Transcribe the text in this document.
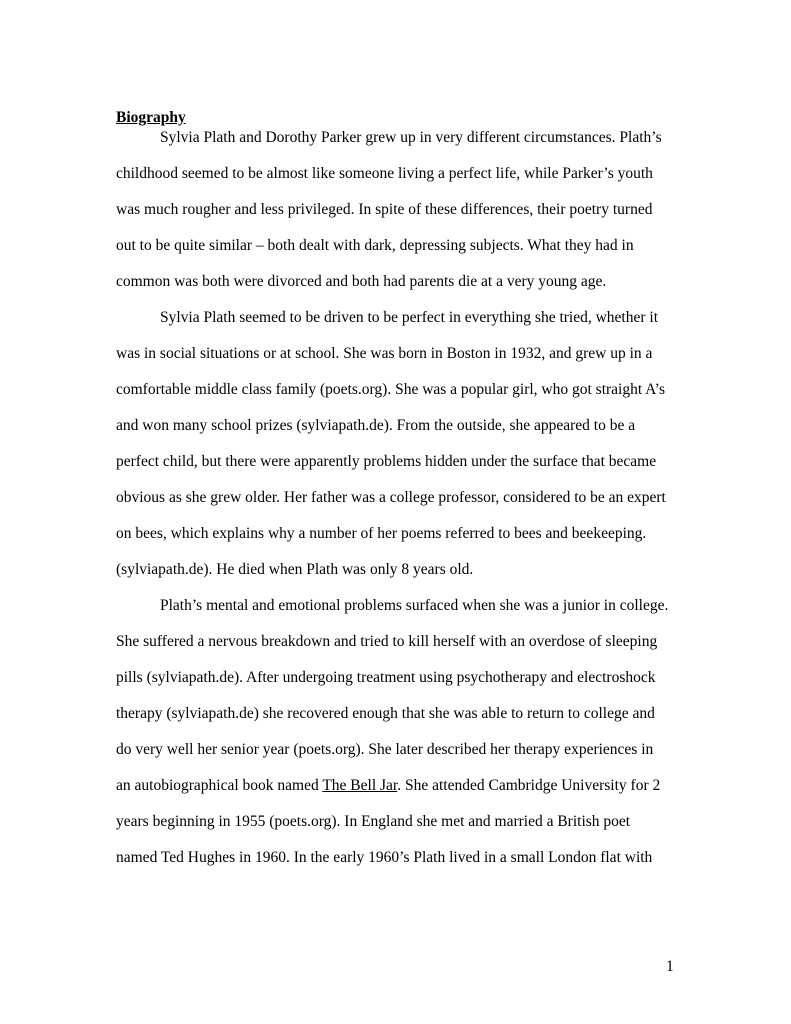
Biography
Sylvia Plath and Dorothy Parker grew up in very different circumstances. Plath’s
childhood seemed to be almost like someone living a perfect life, while Parker’s youth
was much rougher and less privileged. In spite of these differences, their poetry turned
out to be quite similar – both dealt with dark, depressing subjects. What they had in
common was both were divorced and both had parents die at a very young age.
Sylvia Plath seemed to be driven to be perfect in everything she tried, whether it
was in social situations or at school. She was born in Boston in 1932, and grew up in a
comfortable middle class family (poets.org). She was a popular girl, who got straight A’s
and won many school prizes (sylviapath.de). From the outside, she appeared to be a
perfect child, but there were apparently problems hidden under the surface that became
obvious as she grew older. Her father was a college professor, considered to be an expert
on bees, which explains why a number of her poems referred to bees and beekeeping.
(sylviapath.de). He died when Plath was only 8 years old.
Plath’s mental and emotional problems surfaced when she was a junior in college.
She suffered a nervous breakdown and tried to kill herself with an overdose of sleeping
pills (sylviapath.de). After undergoing treatment using psychotherapy and electroshock
therapy (sylviapath.de) she recovered enough that she was able to return to college and
do very well her senior year (poets.org). She later described her therapy experiences in
an autobiographical book named The Bell Jar. She attended Cambridge University for 2
years beginning in 1955 (poets.org). In England she met and married a British poet
named Ted Hughes in 1960. In the early 1960’s Plath lived in a small London flat with
1
